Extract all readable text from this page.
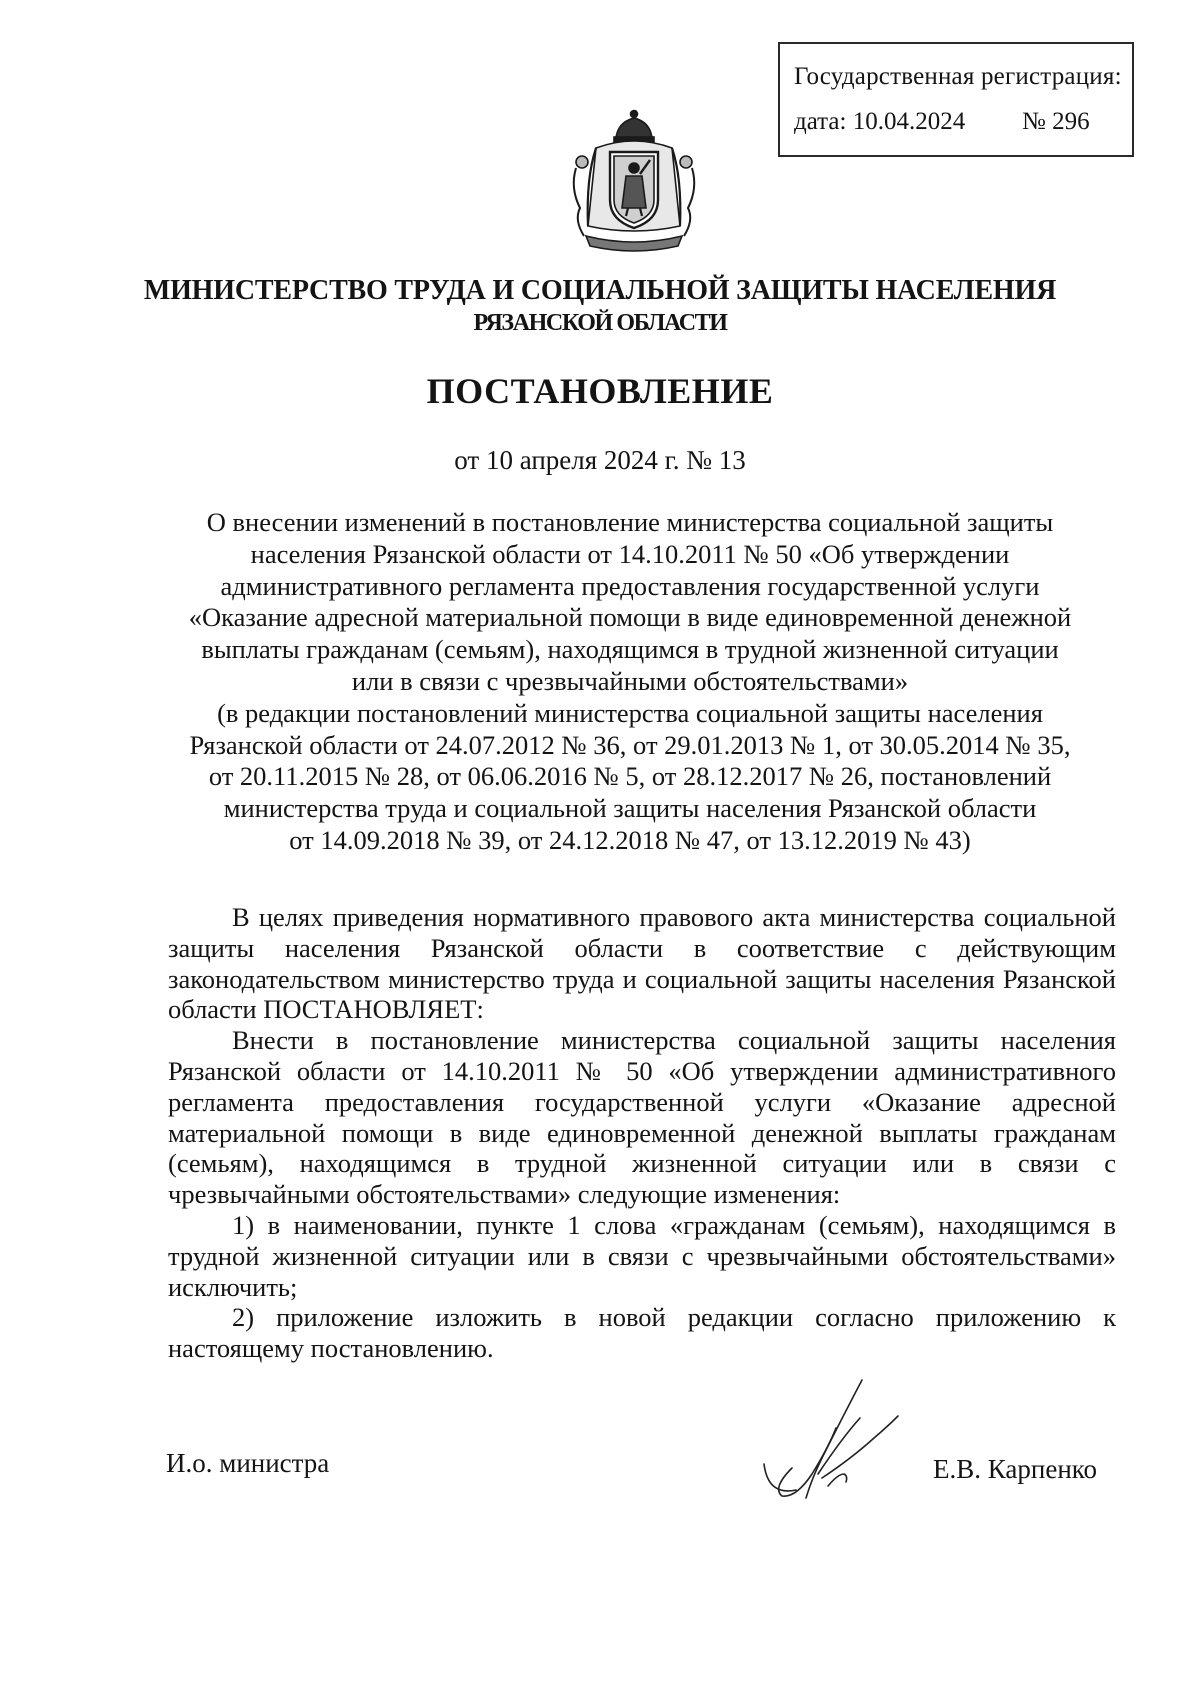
Государственная регистрация:
дата: 10.04.2024 № 296
МИНИСТЕРСТВО ТРУДА И СОЦИАЛЬНОЙ ЗАЩИТЫ НАСЕЛЕНИЯ
РЯЗАНСКОЙ ОБЛАСТИ
ПОСТАНОВЛЕНИЕ
от 10 апреля 2024 г. № 13
О внесении изменений в постановление министерства социальной защиты
населения Рязанской области от 14.10.2011 № 50 «Об утверждении
административного регламента предоставления государственной услуги
«Оказание адресной материальной помощи в виде единовременной денежной
выплаты гражданам (семьям), находящимся в трудной жизненной ситуации
или в связи с чрезвычайными обстоятельствами»
(в редакции постановлений министерства социальной защиты населения
Рязанской области от 24.07.2012 № 36, от 29.01.2013 № 1, от 30.05.2014 № 35,
от 20.11.2015 № 28, от 06.06.2016 № 5, от 28.12.2017 № 26, постановлений
министерства труда и социальной защиты населения Рязанской области
от 14.09.2018 № 39, от 24.12.2018 № 47, от 13.12.2019 № 43)

В целях приведения нормативного правового акта министерства социальной защиты населения Рязанской области в соответствие с действующим законодательством министерство труда и социальной защиты населения Рязанской области ПОСТАНОВЛЯЕТ:

Внести в постановление министерства социальной защиты населения Рязанской области от 14.10.2011 № 50 «Об утверждении административного регламента предоставления государственной услуги «Оказание адресной материальной помощи в виде единовременной денежной выплаты гражданам (семьям), находящимся в трудной жизненной ситуации или в связи с чрезвычайными обстоятельствами» следующие изменения:

1) в наименовании, пункте 1 слова «гражданам (семьям), находящимся в трудной жизненной ситуации или в связи с чрезвычайными обстоятельствами» исключить;

2) приложение изложить в новой редакции согласно приложению к настоящему постановлению.

И.о. министра	Е.В. Карпенко
